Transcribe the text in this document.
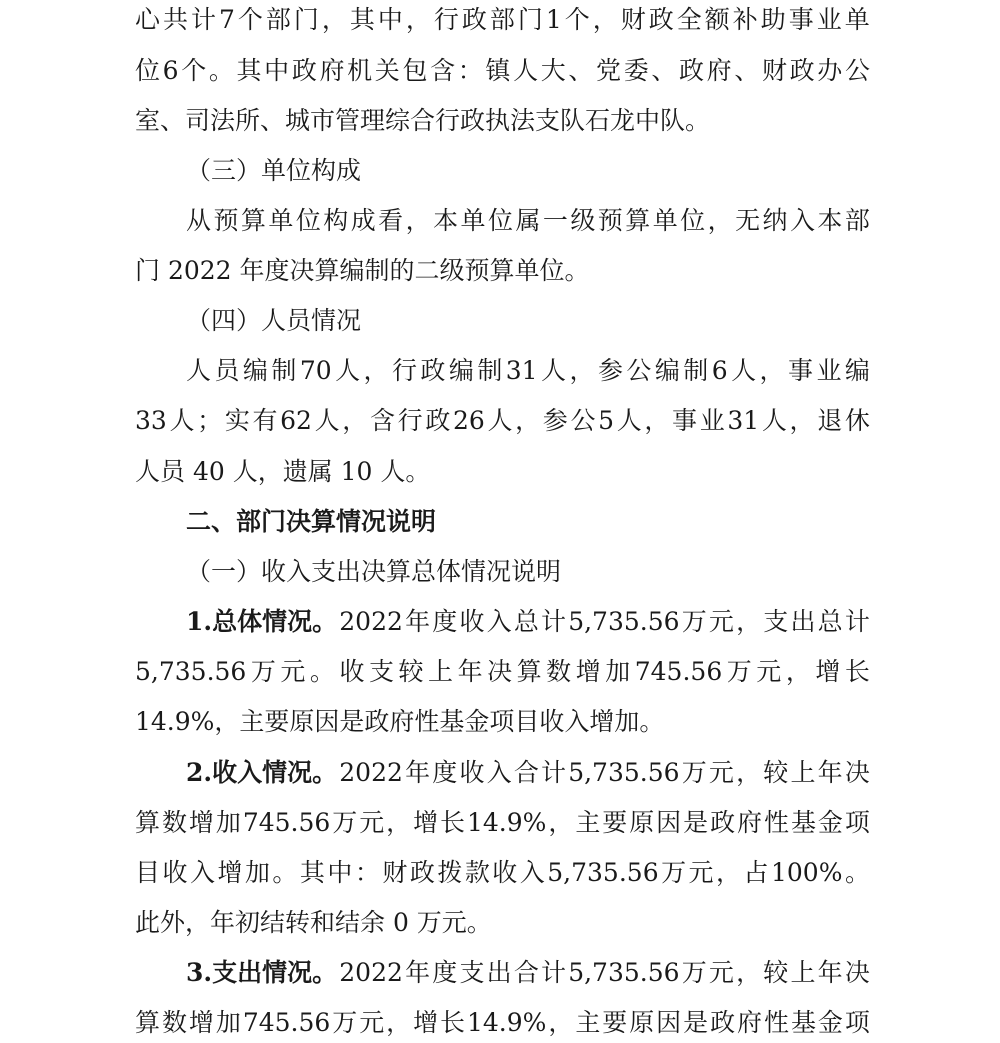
心 共 计 7 个 部 门 ， 其 中 ， 行 政 部 门 1 个 ， 财 政 全 额 补 助 事 业 单
位 6 个 。 其 中 政 府 机 关 包 含 ： 镇 人 大 、 党 委 、 政 府 、 财 政 办 公
室、司法所、城市管理综合行政执法支队石龙中队。
（三）单位构成
从 预 算 单 位 构 成 看 ， 本 单 位 属 一 级 预 算 单 位 ， 无 纳 入 本 部
门 2022 年度决算编制的二级预算单位。
（四）人员情况
人 员 编 制 70 人 ， 行 政 编 制 31 人 ， 参 公 编 制 6 人 ， 事 业 编
33 人 ； 实 有 62 人 ， 含 行 政 26 人 ， 参 公 5 人 ， 事 业 31 人 ， 退 休
人员 40 人，遗属 10 人。
二、部门决算情况说明
（一）收入支出决算总体情况说明
1.总体情况。 2022 年 度 收 入 总 计 5,735.56 万 元 ， 支 出 总 计
5,735.56 万 元 。 收 支 较 上 年 决 算 数 增 加 745.56 万 元 ， 增 长
14.9%，主要原因是政府性基金项目收入增加。
2.收入情况。 2022 年 度 收 入 合 计 5,735.56 万 元 ， 较 上 年 决
算 数 增 加 745.56 万 元 ， 增 长 14.9% ， 主 要 原 因 是 政 府 性 基 金 项
目 收 入 增 加 。 其 中 ： 财 政 拨 款 收 入 5,735.56 万 元 ， 占 100% 。
此外，年初结转和结余 0 万元。
3.支出情况。 2022 年 度 支 出 合 计 5,735.56 万 元 ， 较 上 年 决
算 数 增 加 745.56 万 元 ， 增 长 14.9% ， 主 要 原 因 是 政 府 性 基 金 项
